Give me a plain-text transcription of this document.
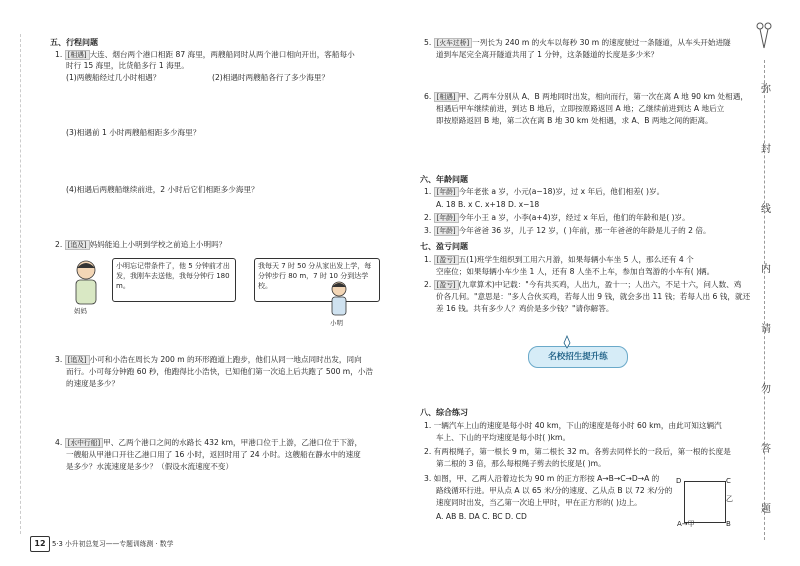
五、行程问题
1. [相遇] 大连、烟台两个港口相距 87 海里，两艘船同时从两个港口相向开出，客船每小
时行 15 海里，比货船多行 1 海里。
(1)两艘船经过几小时相遇？	(2)相遇时两艘船各行了多少海里？
(3)相遇前 1 小时两艘船相距多少海里？
(4)相遇后两艘船继续前进，2 小时后它们相距多少海里？
2. [追及] 妈妈能追上小明到学校之前追上小明吗？
妈妈
小明忘记带条件了，他 5 分钟前才出发，我刚车去送他，我每分钟行 180 m。
我每天 7 时 50 分从家出发上学，每分钟步行 80 m，7 时 10 分到达学校。
小明
3. [追及] 小可和小浩在周长为 200 m 的环形跑道上跑步，他们从同一地点同时出发，同向
而行。小可每分钟跑 60 秒，他跑得比小浩快，已知他们第一次追上后共跑了 500 m，小浩
的速度是多少？
4. [水中行船] 甲、乙两个港口之间的水路长 432 km，甲港口位于上游，乙港口位于下游，
一艘船从甲港口开往乙港口用了 16 小时，返回时用了 24 小时。这艘船在静水中的速度
是多少？水流速度是多少？（假设水流速度不变）
12 5·3 小升初总复习——专题训练测 · 数学
5. [火车过桥] 一列长为 240 m 的火车以每秒 30 m 的速度驶过一条隧道，从车头开始进隧
道到车尾完全离开隧道共用了 1 分钟，这条隧道的长度是多少米？
6. [相遇] 甲、乙两车分别从 A、B 两地同时出发，相向而行，第一次在离 A 地 90 km 处相遇，
相遇后甲车继续前进，到达 B 地后，立即按原路返回 A 地；乙继续前进到达 A 地后立
即按原路返回 B 地，第二次在离 B 地 30 km 处相遇，求 A、B 两地之间的距离。
六、年龄问题
1. [年龄] 今年老张 a 岁，小元(a−18)岁，过 x 年后，他们相差( )岁。
A. 18 B. x C. x+18 D. x−18
2. [年龄] 今年小王 a 岁，小李(a+4)岁，经过 x 年后，他们的年龄和是( )岁。
3. [年龄] 今年爸爸 36 岁，儿子 12 岁，( )年前，那一年爸爸的年龄是儿子的 2 倍。
七、盈亏问题
1. [盈亏] 五(1)班学生组织到工用六月游，如果每辆小车坐 5 人，那么还有 4 个
空座位；如果每辆小车少坐 1 人，还有 8 人坐不上车，参加自驾游的小车有( )辆。
2. [盈亏] (九章算术)中记载："今有共买鸡，人出九，盈十一；人出六，不足十六，问人数、鸡
价各几何。"意思是："多人合伙买鸡，若每人出 9 钱，就会多出 11 钱；若每人出 6 钱，就还
差 16 钱。共有多少人？鸡价是多少钱？"请你解答。
名校招生提升练
八、综合练习
1. 一辆汽车上山的速度是每小时 40 km，下山的速度是每小时 60 km，由此可知这辆汽
车上、下山的平均速度是每小时( )km。
2. 有两根绳子，第一根长 9 m，第二根长 32 m。各剪去同样长的一段后，第一根的长度是
第二根的 3 倍，那么每根绳子剪去的长度是( )m。
3. 如图，甲、乙两人沿着边长为 90 m 的正方形按 A→B→C→D→A 的
路线循环行进。甲从点 A 以 65 米/分的速度、乙从点 B 以 72 米/分的
速度同时出发，当乙第一次追上甲时，甲在正方形的( )边上。
A. AB B. DA C. BC D. CD
D	C
乙
A→甲	B
弥
封
线
内
请
勿
答
题
